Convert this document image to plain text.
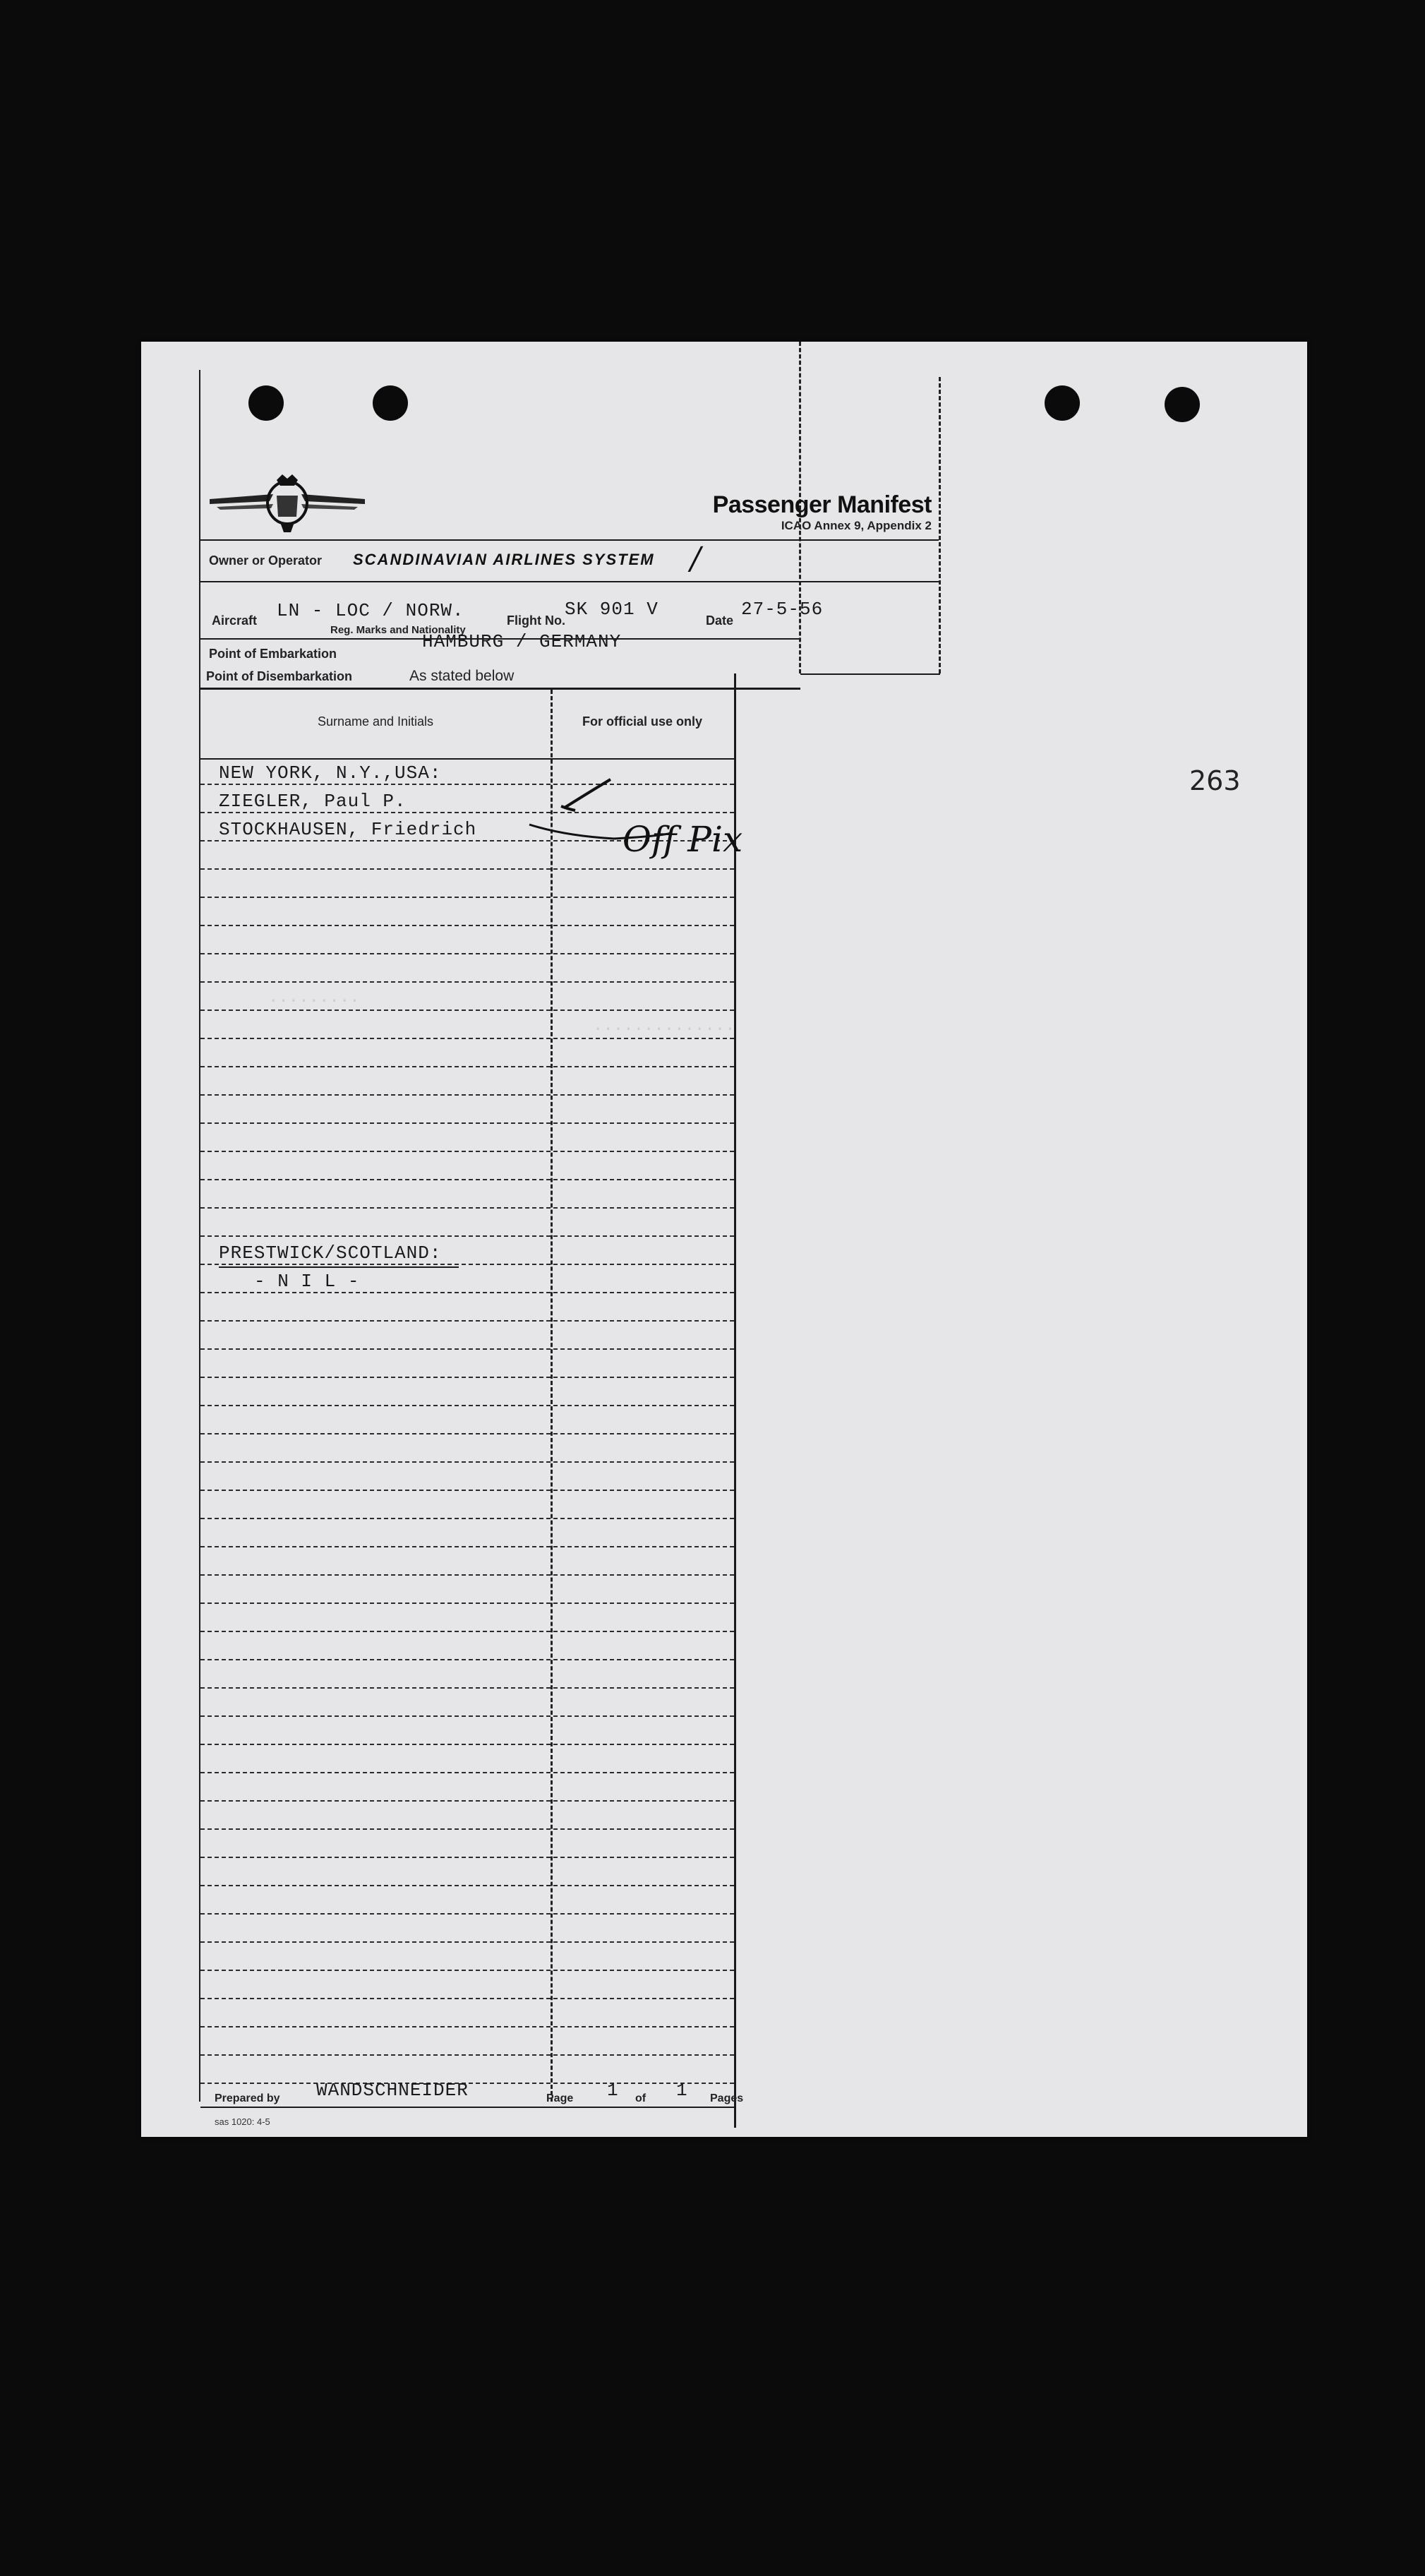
Passenger Manifest
ICAO Annex 9, Appendix 2
Owner or Operator SCANDINAVIAN AIRLINES SYSTEM /
Aircraft LN - LOC / NORW.
Reg. Marks and Nationality
Flight No.
SK 901 V
Date
27-5-56
Point of Embarkation
HAMBURG / GERMANY
Point of Disembarkation	As stated below
Surname and Initials	For official use only
.........
..............
NEW YORK, N.Y.,USA:
ZIEGLER, Paul P.
STOCKHAUSEN, Friedrich	Off Pix
PRESTWICK/SCOTLAND:
- N I L -
263
Prepared by WANDSCHNEIDER	Page 1 of 1 Pages
sas 1020: 4-5
